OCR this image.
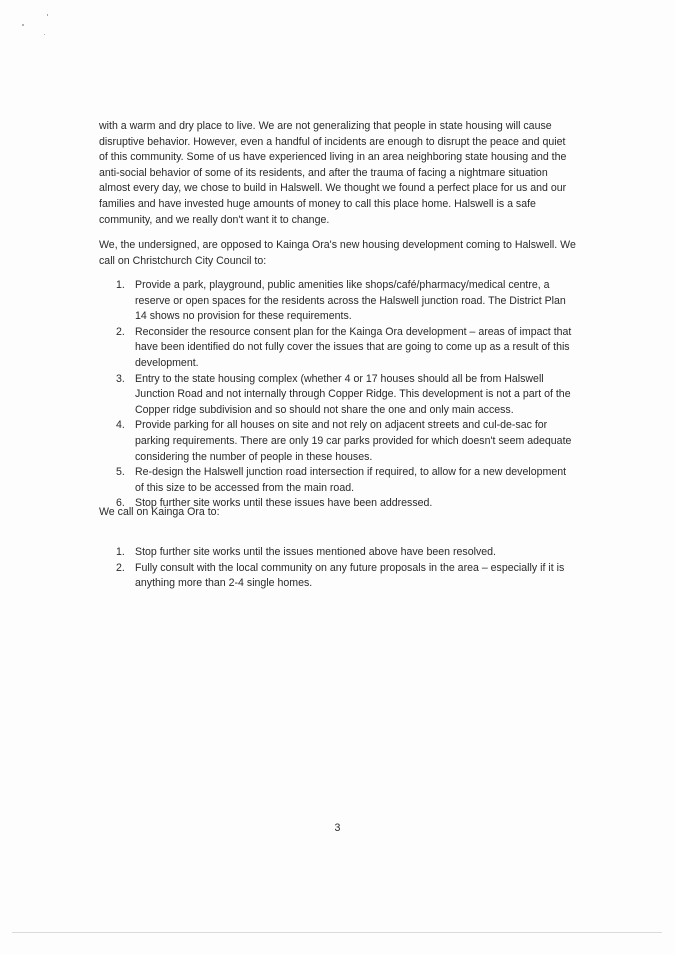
with a warm and dry place to live. We are not generalizing that people in state housing will cause disruptive behavior. However, even a handful of incidents are enough to disrupt the peace and quiet of this community. Some of us have experienced living in an area neighboring state housing and the anti-social behavior of some of its residents, and after the trauma of facing a nightmare situation almost every day, we chose to build in Halswell. We thought we found a perfect place for us and our families and have invested huge amounts of money to call this place home. Halswell is a safe community, and we really don't want it to change.

We, the undersigned, are opposed to Kainga Ora's new housing development coming to Halswell. We call on Christchurch City Council to:

1. Provide a park, playground, public amenities like shops/café/pharmacy/medical centre, a reserve or open spaces for the residents across the Halswell junction road. The District Plan 14 shows no provision for these requirements.
2. Reconsider the resource consent plan for the Kainga Ora development – areas of impact that have been identified do not fully cover the issues that are going to come up as a result of this development.
3. Entry to the state housing complex (whether 4 or 17 houses should all be from Halswell Junction Road and not internally through Copper Ridge. This development is not a part of the Copper ridge subdivision and so should not share the one and only main access.
4. Provide parking for all houses on site and not rely on adjacent streets and cul-de-sac for parking requirements. There are only 19 car parks provided for which doesn't seem adequate considering the number of people in these houses.
5. Re-design the Halswell junction road intersection if required, to allow for a new development of this size to be accessed from the main road.
6. Stop further site works until these issues have been addressed.

We call on Kainga Ora to:

1. Stop further site works until the issues mentioned above have been resolved.
2. Fully consult with the local community on any future proposals in the area – especially if it is anything more than 2-4 single homes.
3
